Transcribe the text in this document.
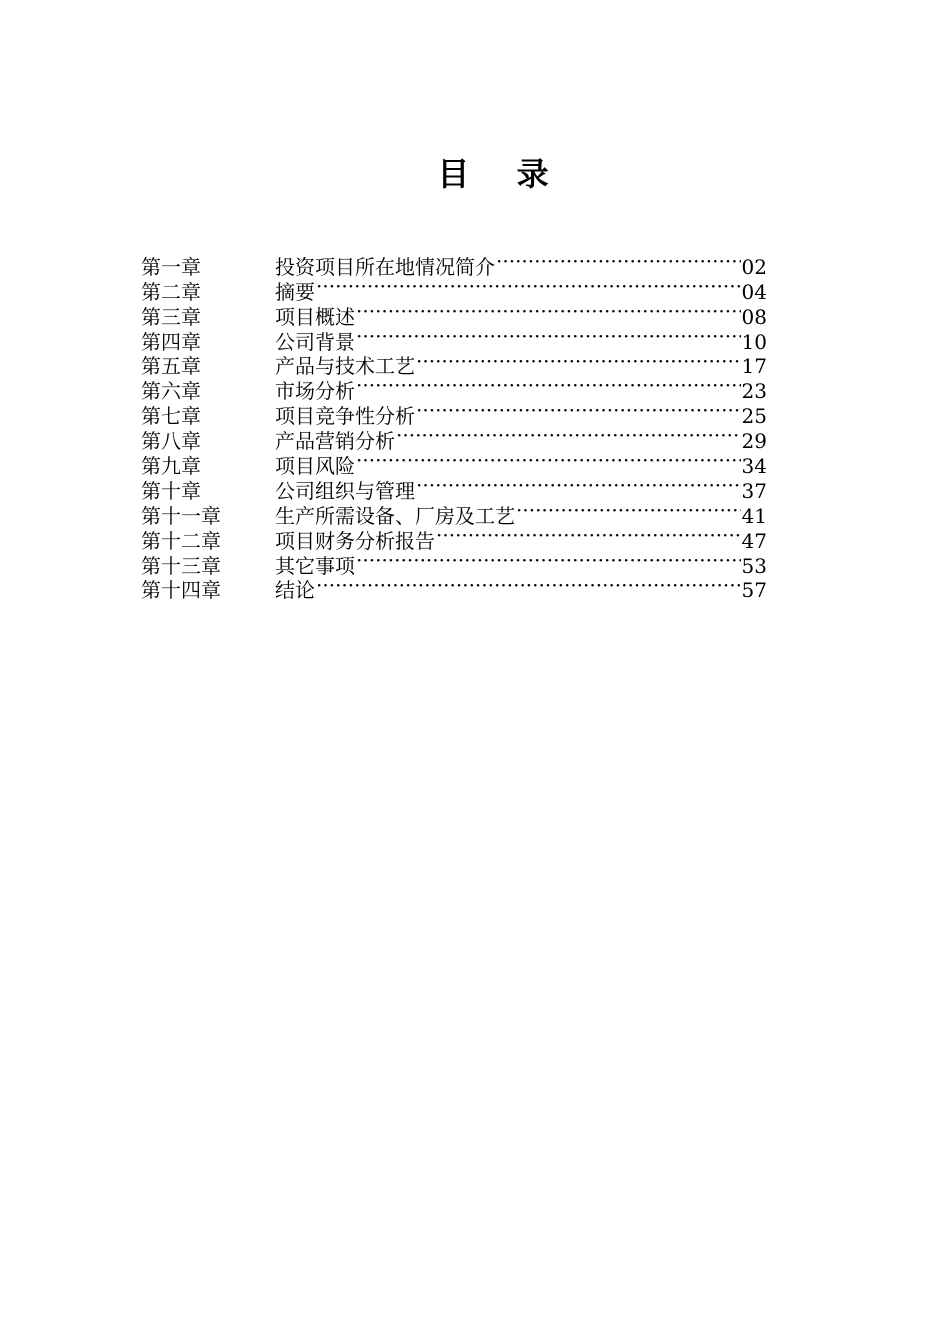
目 录
第一章	投资项目所在地情况简介 ·····	02
第二章	摘要 ·····	04
第三章	项目概述 ·····	08
第四章	公司背景 ·····	10
第五章	产品与技术工艺 ·····	17
第六章	市场分析 ·····	23
第七章	项目竞争性分析 ·····	25
第八章	产品营销分析 ·····	29
第九章	项目风险 ·····	34
第十章	公司组织与管理 ·····	37
第十一章	生产所需设备、厂房及工艺 ·····	41
第十二章	项目财务分析报告 ·····	47
第十三章	其它事项 ·····	53
第十四章	结论 ·····	57
